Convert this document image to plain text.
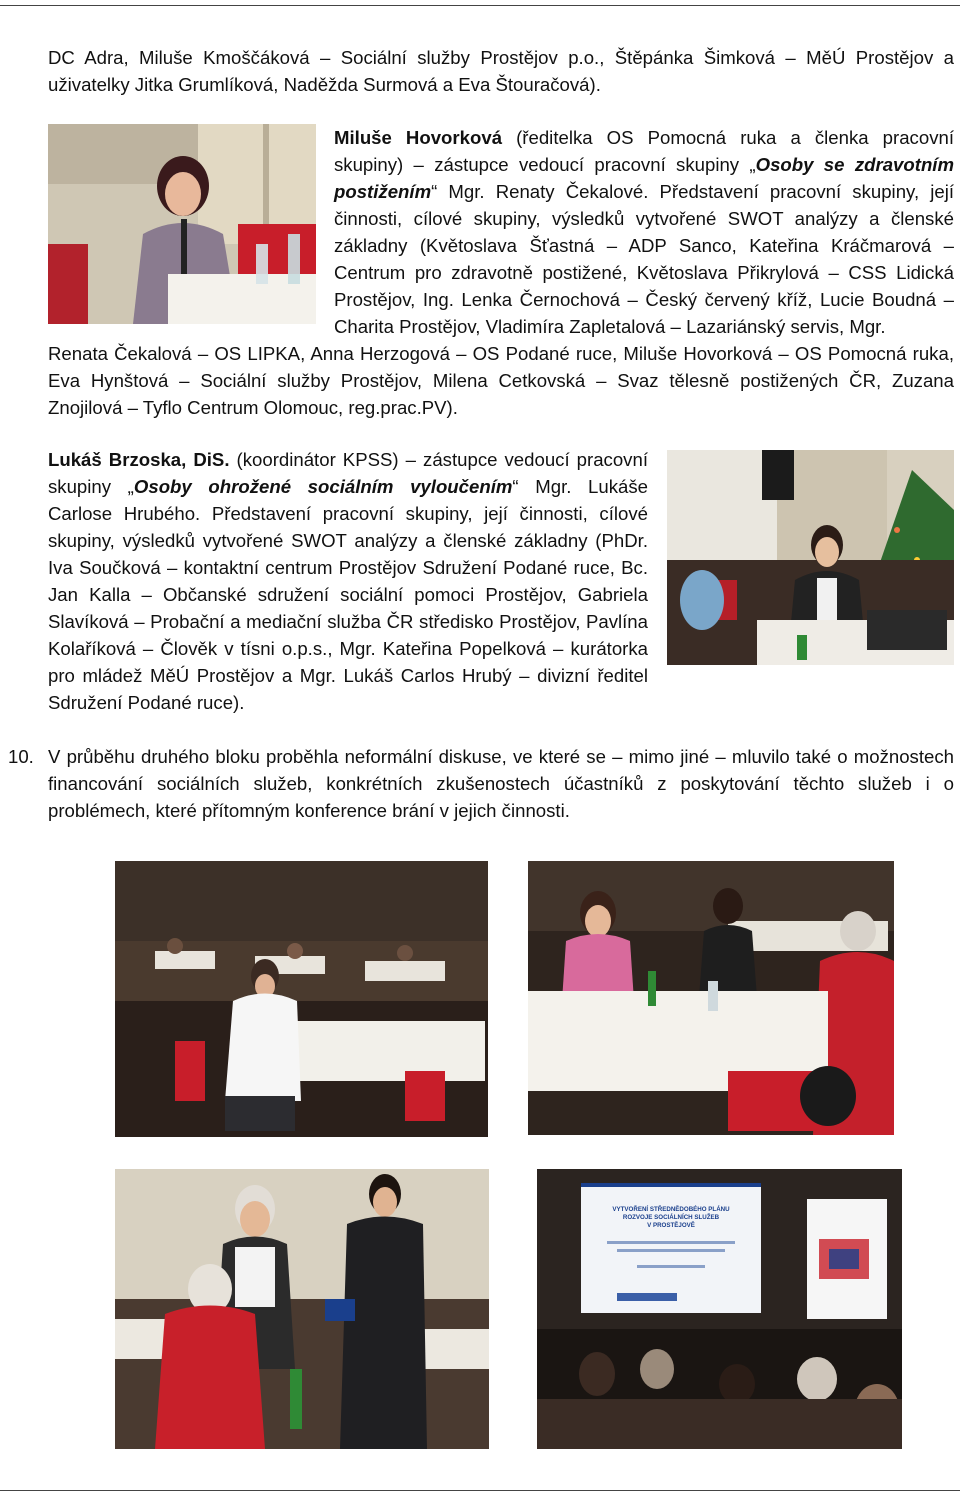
DC Adra, Miluše Kmoščáková – Sociální služby Prostějov p.o., Štěpánka Šimková – MěÚ Prostějov a uživatelky Jitka Grumlíková, Naděžda Surmová a Eva Štouračová).

Miluše Hovorková (ředitelka OS Pomocná ruka a členka pracovní skupiny) – zástupce vedoucí pracovní skupiny „Osoby se zdravotním postižením“ Mgr. Renaty Čekalové. Představení pracovní skupiny, její činnosti, cílové skupiny, výsledků vytvořené SWOT analýzy a členské základny (Květoslava Šťastná – ADP Sanco, Kateřina Kráčmarová – Centrum pro zdravotně postižené, Květoslava Přikrylová – CSS Lidická Prostějov, Ing. Lenka Černochová – Český červený kříž, Lucie Boudná – Charita Prostějov, Vladimíra Zapletalová – Lazariánský servis, Mgr.

Renata Čekalová – OS LIPKA, Anna Herzogová – OS Podané ruce, Miluše Hovorková – OS Pomocná ruka, Eva Hynštová – Sociální služby Prostějov, Milena Cetkovská – Svaz tělesně postižených ČR, Zuzana Znojilová – Tyflo Centrum Olomouc, reg.prac.PV).

Lukáš Brzoska, DiS. (koordinátor KPSS) – zástupce vedoucí pracovní skupiny „Osoby ohrožené sociálním vyloučením“ Mgr. Lukáše Carlose Hrubého. Představení pracovní skupiny, její činnosti, cílové skupiny, výsledků vytvořené SWOT analýzy a členské základny (PhDr. Iva Součková – kontaktní centrum Prostějov Sdružení Podané ruce, Bc. Jan Kalla – Občanské sdružení sociální pomoci Prostějov, Gabriela Slavíková – Probační a mediační služba ČR středisko Prostějov, Pavlína Kolaříková – Člověk v tísni o.p.s., Mgr. Kateřina Popelková – kurátorka pro mládež MěÚ Prostějov a Mgr. Lukáš Carlos Hrubý – divizní ředitel Sdružení Podané ruce).
10. V průběhu druhého bloku proběhla neformální diskuse, ve které se – mimo jiné – mluvilo také o možnostech financování sociálních služeb, konkrétních zkušenostech účastníků z poskytování těchto služeb i o problémech, které přítomným konference brání v jejich činnosti.

VYTVOŘENÍ STŘEDNĚDOBÉHO PLÁNU
ROZVOJE SOCIÁLNÍCH SLUŽEB
V PROSTĚJOVĚ
